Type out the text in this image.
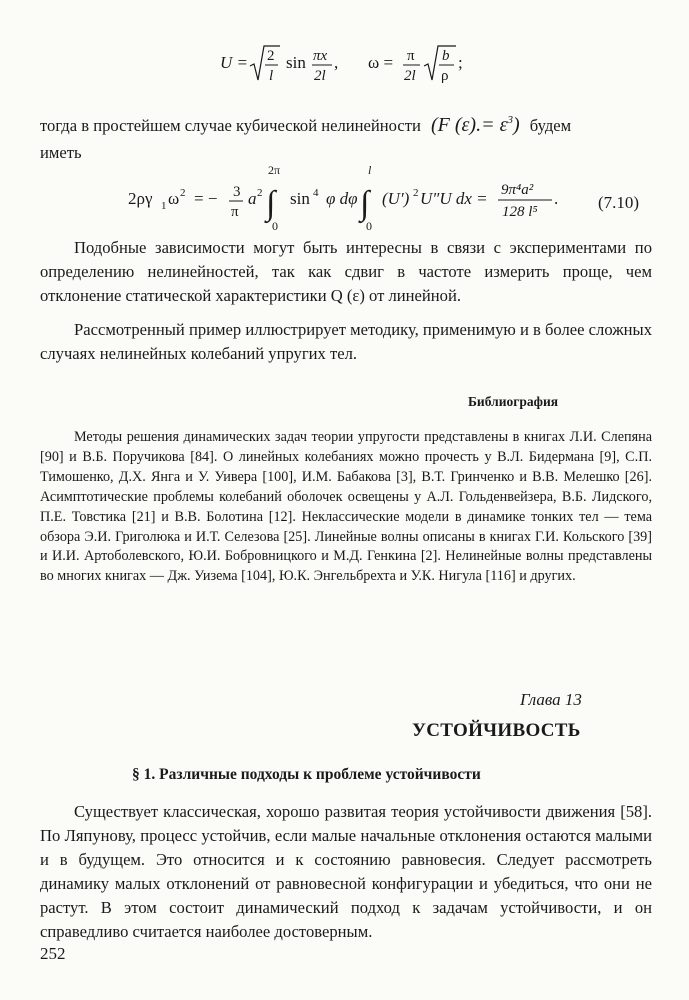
U = 2
l
sin πx
2l
, ω = π
2l
b
ρ
;
тогда в простейшем случае кубической нелинейности (F $(\varepsilon).= \varepsilon^3$) будем
иметь
2ργ 1 ω 2 = − 3
π
a 2
2π
∫
0
sin 4 φ dφ
l
∫
0
(U′) 2 U″U dx = 9π⁴a²
128 l⁵
. (7.10)
Подобные зависимости могут быть интересны в связи с экспериментами по определению нелинейностей, так как сдвиг в частоте измерить проще, чем отклонение статической характеристики Q (ε) от линейной.
Рассмотренный пример иллюстрирует методику, применимую и в более сложных случаях нелинейных колебаний упругих тел.
Библиография
Методы решения динамических задач теории упругости представлены в книгах Л.И. Слепяна [90] и В.Б. Поручикова [84]. О линейных колебаниях можно прочесть у В.Л. Бидермана [9], С.П. Тимошенко, Д.Х. Янга и У. Уивера [100], И.М. Бабакова [3], В.Т. Гринченко и В.В. Мелешко [26]. Асимптотические проблемы колебаний оболочек освещены у А.Л. Гольденвейзера, В.Б. Лидского, П.Е. Товстика [21] и В.В. Болотина [12]. Неклассические модели в динамике тонких тел — тема обзора Э.И. Григолюка и И.Т. Селезова [25]. Линейные волны описаны в книгах Г.И. Кольского [39] и И.И. Артоболевского, Ю.И. Бобровницкого и М.Д. Генкина [2]. Нелинейные волны представлены во многих книгах — Дж. Уизема [104], Ю.К. Энгельбрехта и У.К. Нигула [116] и других.
Глава 13
УСТОЙЧИВОСТЬ
§ 1. Различные подходы к проблеме устойчивости
Существует классическая, хорошо развитая теория устойчивости движения [58]. По Ляпунову, процесс устойчив, если малые начальные отклонения остаются малыми и в будущем. Это относится и к состоянию равновесия. Следует рассмотреть динамику малых отклонений от равновесной конфигурации и убедиться, что они не растут. В этом состоит динамический подход к задачам устойчивости, и он справедливо считается наиболее достоверным.
252
